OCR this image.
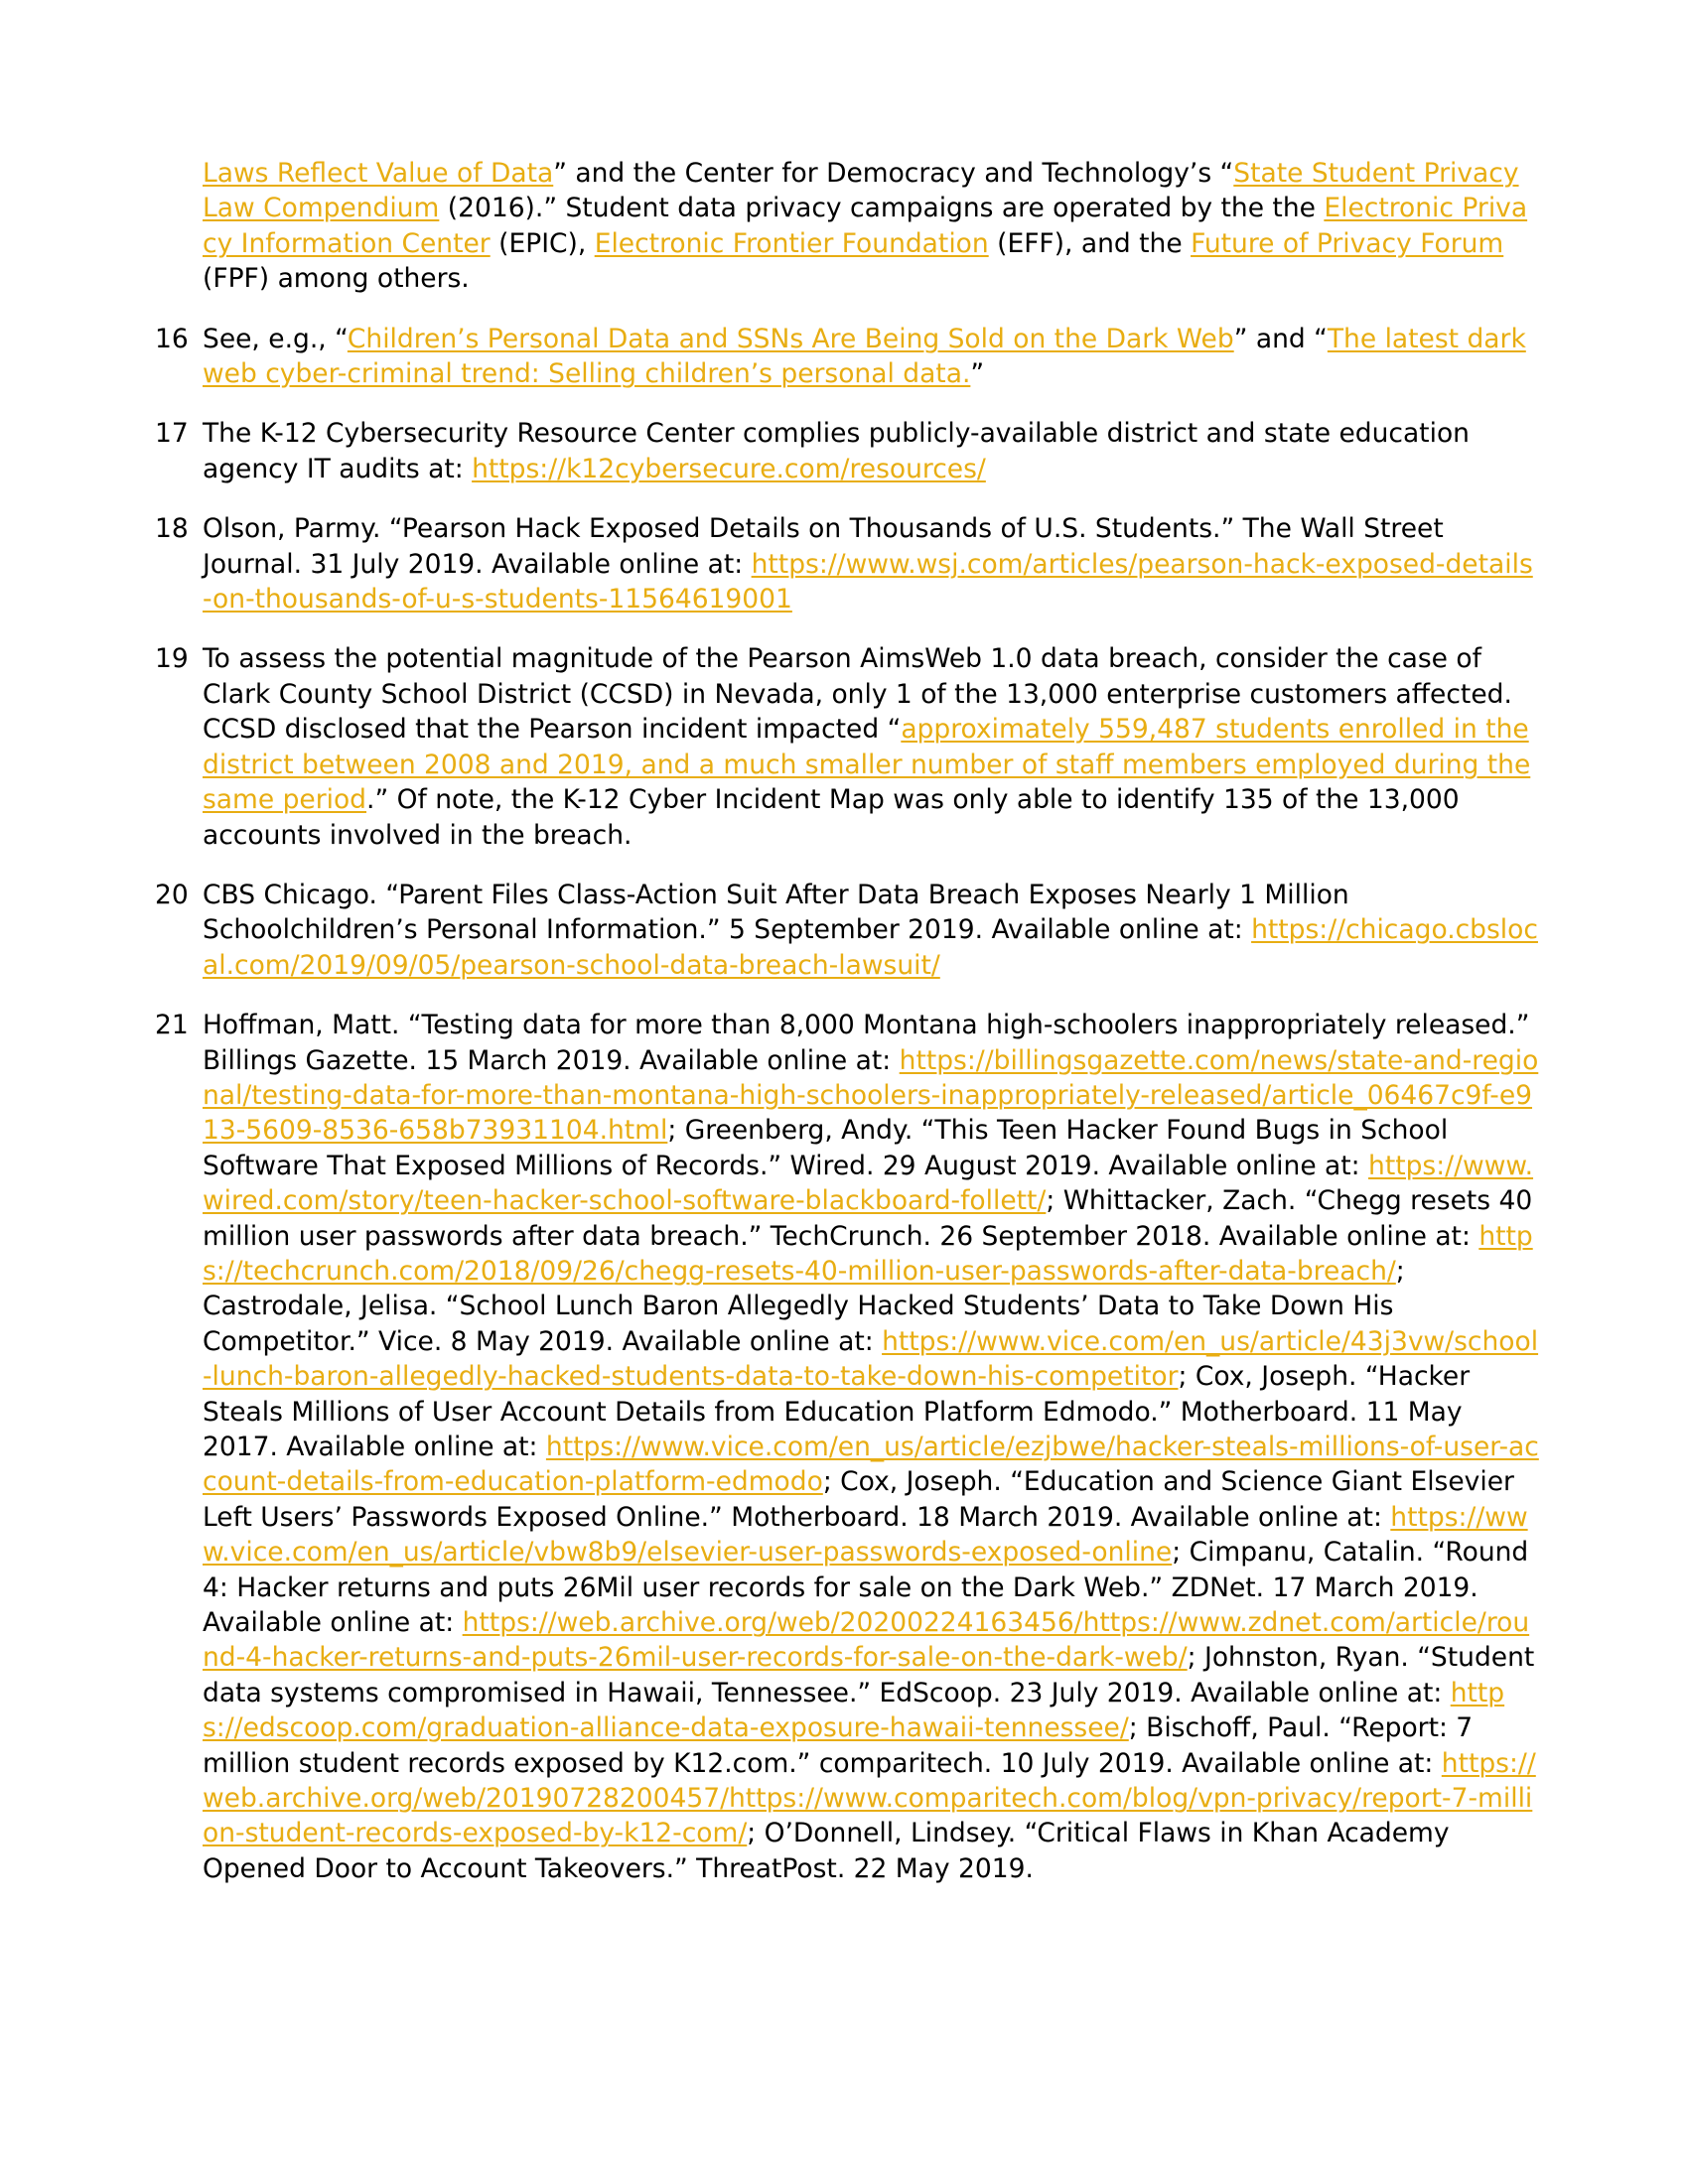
Laws Reflect Value of Data” and the Center for Democracy and Technology’s “State Student Privacy Law Compendium (2016).” Student data privacy campaigns are operated by the the Electronic Privacy Information Center (EPIC), Electronic Frontier Foundation (EFF), and the Future of Privacy Forum (FPF) among others.
16 See, e.g., “Children’s Personal Data and SSNs Are Being Sold on the Dark Web” and “The latest dark web cyber-criminal trend: Selling children’s personal data.”
17 The K-12 Cybersecurity Resource Center complies publicly-available district and state education agency IT audits at: https://k12cybersecure.com/resources/
18 Olson, Parmy. “Pearson Hack Exposed Details on Thousands of U.S. Students.” The Wall Street Journal. 31 July 2019. Available online at: https://www.wsj.com/articles/pearson-hack-exposed-details-on-thousands-of-u-s-students-11564619001
19 To assess the potential magnitude of the Pearson AimsWeb 1.0 data breach, consider the case of Clark County School District (CCSD) in Nevada, only 1 of the 13,000 enterprise customers affected. CCSD disclosed that the Pearson incident impacted “approximately 559,487 students enrolled in the district between 2008 and 2019, and a much smaller number of staff members employed during the same period.” Of note, the K-12 Cyber Incident Map was only able to identify 135 of the 13,000 accounts involved in the breach.
20 CBS Chicago. “Parent Files Class-Action Suit After Data Breach Exposes Nearly 1 Million Schoolchildren’s Personal Information.” 5 September 2019. Available online at: https://chicago.cbslocal.com/2019/09/05/pearson-school-data-breach-lawsuit/
21 Hoffman, Matt. “Testing data for more than 8,000 Montana high-schoolers inappropriately released.” Billings Gazette. 15 March 2019. Available online at: https://billingsgazette.com/news/state-and-regional/testing-data-for-more-than-montana-high-schoolers-inappropriately-released/article_06467c9f-e913-5609-8536-658b73931104.html; Greenberg, Andy. “This Teen Hacker Found Bugs in School Software That Exposed Millions of Records.” Wired. 29 August 2019. Available online at: https://www.wired.com/story/teen-hacker-school-software-blackboard-follett/; Whittacker, Zach. “Chegg resets 40 million user passwords after data breach.” TechCrunch. 26 September 2018. Available online at: https://techcrunch.com/2018/09/26/chegg-resets-40-million-user-passwords-after-data-breach/; Castrodale, Jelisa. “School Lunch Baron Allegedly Hacked Students’ Data to Take Down His Competitor.” Vice. 8 May 2019. Available online at: https://www.vice.com/en_us/article/43j3vw/school-lunch-baron-allegedly-hacked-students-data-to-take-down-his-competitor; Cox, Joseph. “Hacker Steals Millions of User Account Details from Education Platform Edmodo.” Motherboard. 11 May 2017. Available online at: https://www.vice.com/en_us/article/ezjbwe/hacker-steals-millions-of-user-account-details-from-education-platform-edmodo; Cox, Joseph. “Education and Science Giant Elsevier Left Users’ Passwords Exposed Online.” Motherboard. 18 March 2019. Available online at: https://www.vice.com/en_us/article/vbw8b9/elsevier-user-passwords-exposed-online; Cimpanu, Catalin. “Round 4: Hacker returns and puts 26Mil user records for sale on the Dark Web.” ZDNet. 17 March 2019. Available online at: https://web.archive.org/web/20200224163456/https://www.zdnet.com/article/round-4-hacker-returns-and-puts-26mil-user-records-for-sale-on-the-dark-web/; Johnston, Ryan. “Student data systems compromised in Hawaii, Tennessee.” EdScoop. 23 July 2019. Available online at: https://edscoop.com/graduation-alliance-data-exposure-hawaii-tennessee/; Bischoff, Paul. “Report: 7 million student records exposed by K12.com.” comparitech. 10 July 2019. Available online at: https://web.archive.org/web/20190728200457/https://www.comparitech.com/blog/vpn-privacy/report-7-million-student-records-exposed-by-k12-com/; O’Donnell, Lindsey. “Critical Flaws in Khan Academy Opened Door to Account Takeovers.” ThreatPost. 22 May 2019.
